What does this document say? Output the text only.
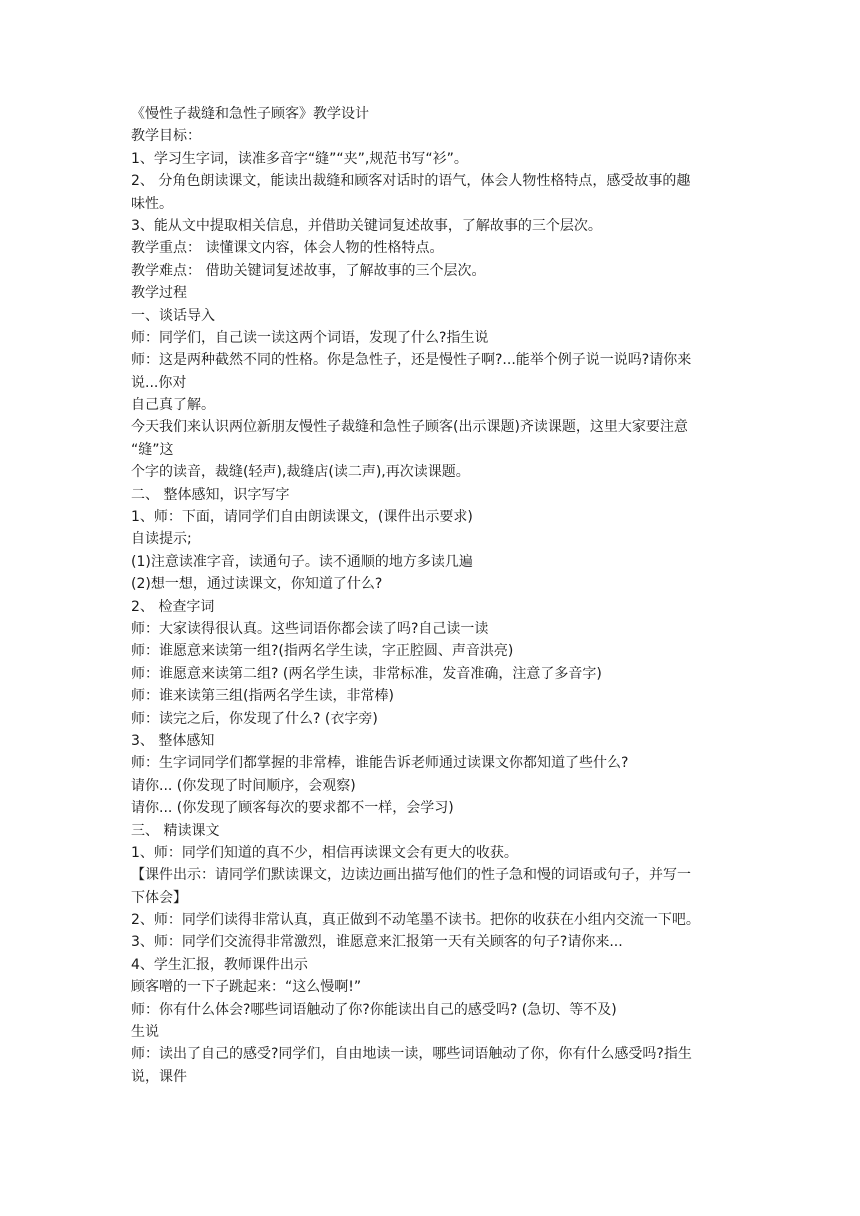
《慢性子裁缝和急性子顾客》教学设计
教学目标：
1、学习生字词，读准多音字“缝”“夹”,规范书写“衫”。
2、 分角色朗读课文，能读出裁缝和顾客对话时的语气，体会人物性格特点，感受故事的趣
味性。
3、能从文中提取相关信息，并借助关键词复述故事，了解故事的三个层次。
教学重点： 读懂课文内容，体会人物的性格特点。
教学难点： 借助关键词复述故事，了解故事的三个层次。
教学过程
一、谈话导入
师：同学们，自己读一读这两个词语，发现了什么?指生说
师：这是两种截然不同的性格。你是急性子，还是慢性子啊?...能举个例子说一说吗?请你来
说...你对
自己真了解。
今天我们来认识两位新朋友慢性子裁缝和急性子顾客(出示课题)齐读课题，这里大家要注意
“缝”这
个字的读音，裁缝(轻声),裁缝店(读二声),再次读课题。
二、 整体感知，识字写字
1、师：下面，请同学们自由朗读课文，(课件出示要求)
自读提示;
(1)注意读准字音，读通句子。读不通顺的地方多读几遍
(2)想一想，通过读课文，你知道了什么?
2、 检查字词
师：大家读得很认真。这些词语你都会读了吗?自己读一读
师：谁愿意来读第一组?(指两名学生读，字正腔圆、声音洪亮)
师：谁愿意来读第二组? (两名学生读，非常标准，发音准确，注意了多音字)
师：谁来读第三组(指两名学生读，非常棒)
师：读完之后，你发现了什么? (衣字旁)
3、 整体感知
师：生字词同学们都掌握的非常棒，谁能告诉老师通过读课文你都知道了些什么?
请你... (你发现了时间顺序，会观察)
请你... (你发现了顾客每次的要求都不一样，会学习)
三、 精读课文
1、师：同学们知道的真不少，相信再读课文会有更大的收获。
【课件出示：请同学们默读课文，边读边画出描写他们的性子急和慢的词语或句子，并写一
下体会】
2、师：同学们读得非常认真，真正做到不动笔墨不读书。把你的收获在小组内交流一下吧。
3、师：同学们交流得非常激烈，谁愿意来汇报第一天有关顾客的句子?请你来...
4、学生汇报，教师课件出示
顾客噌的一下子跳起来：“这么慢啊!”
师：你有什么体会?哪些词语触动了你?你能读出自己的感受吗? (急切、等不及)
生说
师：读出了自己的感受?同学们，自由地读一读，哪些词语触动了你，你有什么感受吗?指生
说，课件
